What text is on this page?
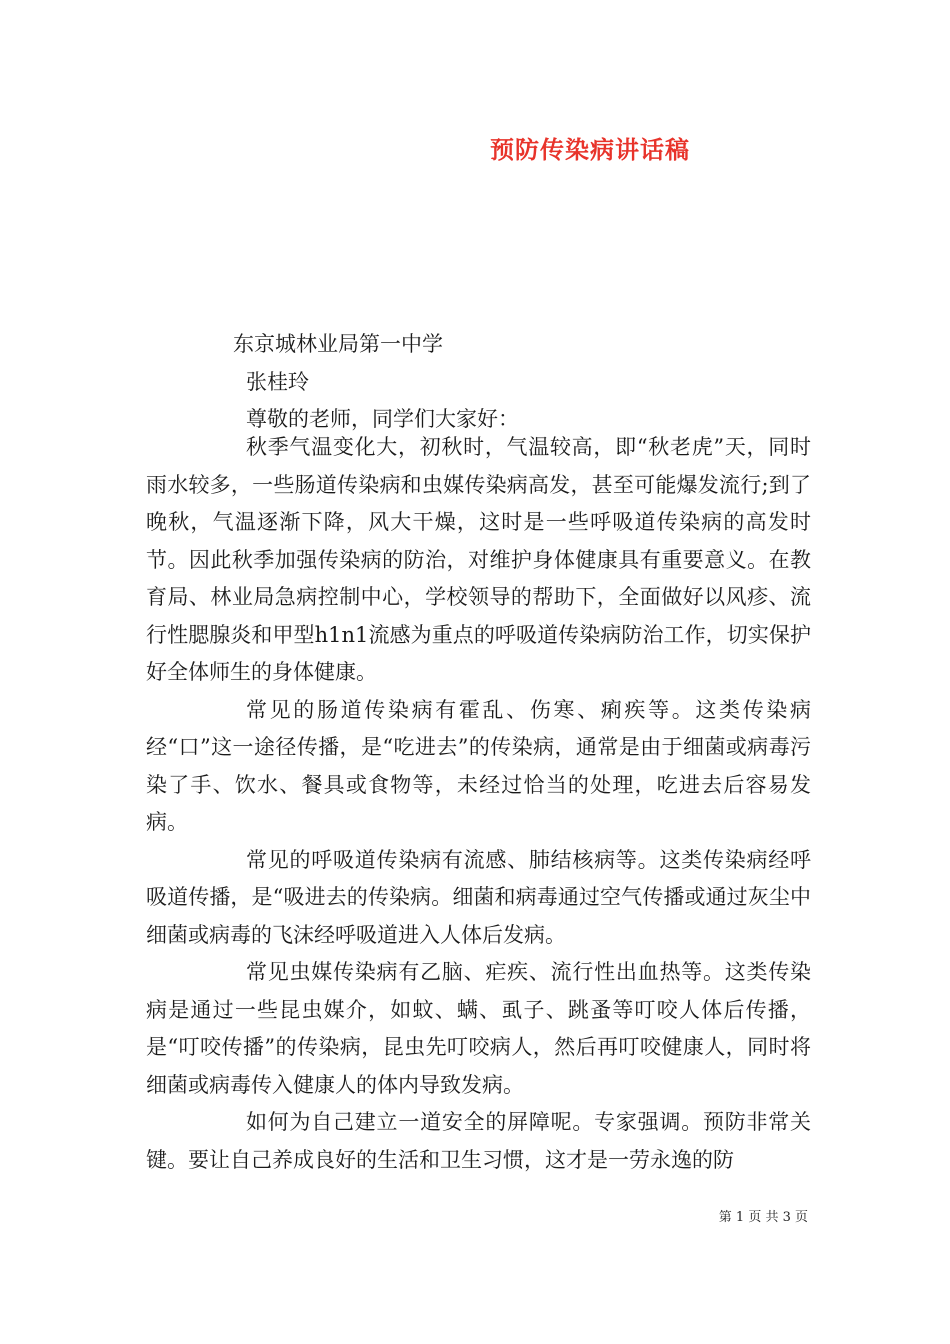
预防传染病讲话稿
东京城林业局第一中学
张桂玲
尊敬的老师，同学们大家好：

秋季气温变化大，初秋时，气温较高，即“秋老虎”天，同时雨水较多，一些肠道传染病和虫媒传染病高发，甚至可能爆发流行;到了晚秋，气温逐渐下降，风大干燥，这时是一些呼吸道传染病的高发时节。因此秋季加强传染病的防治，对维护身体健康具有重要意义。在教育局、林业局急病控制中心，学校领导的帮助下，全面做好以风疹、流行性腮腺炎和甲型h1n1流感为重点的呼吸道传染病防治工作，切实保护好全体师生的身体健康。

常见的肠道传染病有霍乱、伤寒、痢疾等。这类传染病经“口”这一途径传播，是“吃进去”的传染病，通常是由于细菌或病毒污染了手、饮水、餐具或食物等，未经过恰当的处理，吃进去后容易发病。

常见的呼吸道传染病有流感、肺结核病等。这类传染病经呼吸道传播，是“吸进去的传染病。细菌和病毒通过空气传播或通过灰尘中细菌或病毒的飞沫经呼吸道进入人体后发病。

常见虫媒传染病有乙脑、疟疾、流行性出血热等。这类传染病是通过一些昆虫媒介，如蚊、螨、虱子、跳蚤等叮咬人体后传播，是“叮咬传播”的传染病，昆虫先叮咬病人，然后再叮咬健康人，同时将细菌或病毒传入健康人的体内导致发病。

如何为自己建立一道安全的屏障呢。专家强调。预防非常关键。要让自己养成良好的生活和卫生习惯，这才是一劳永逸的防

第 1 页 共 3 页
